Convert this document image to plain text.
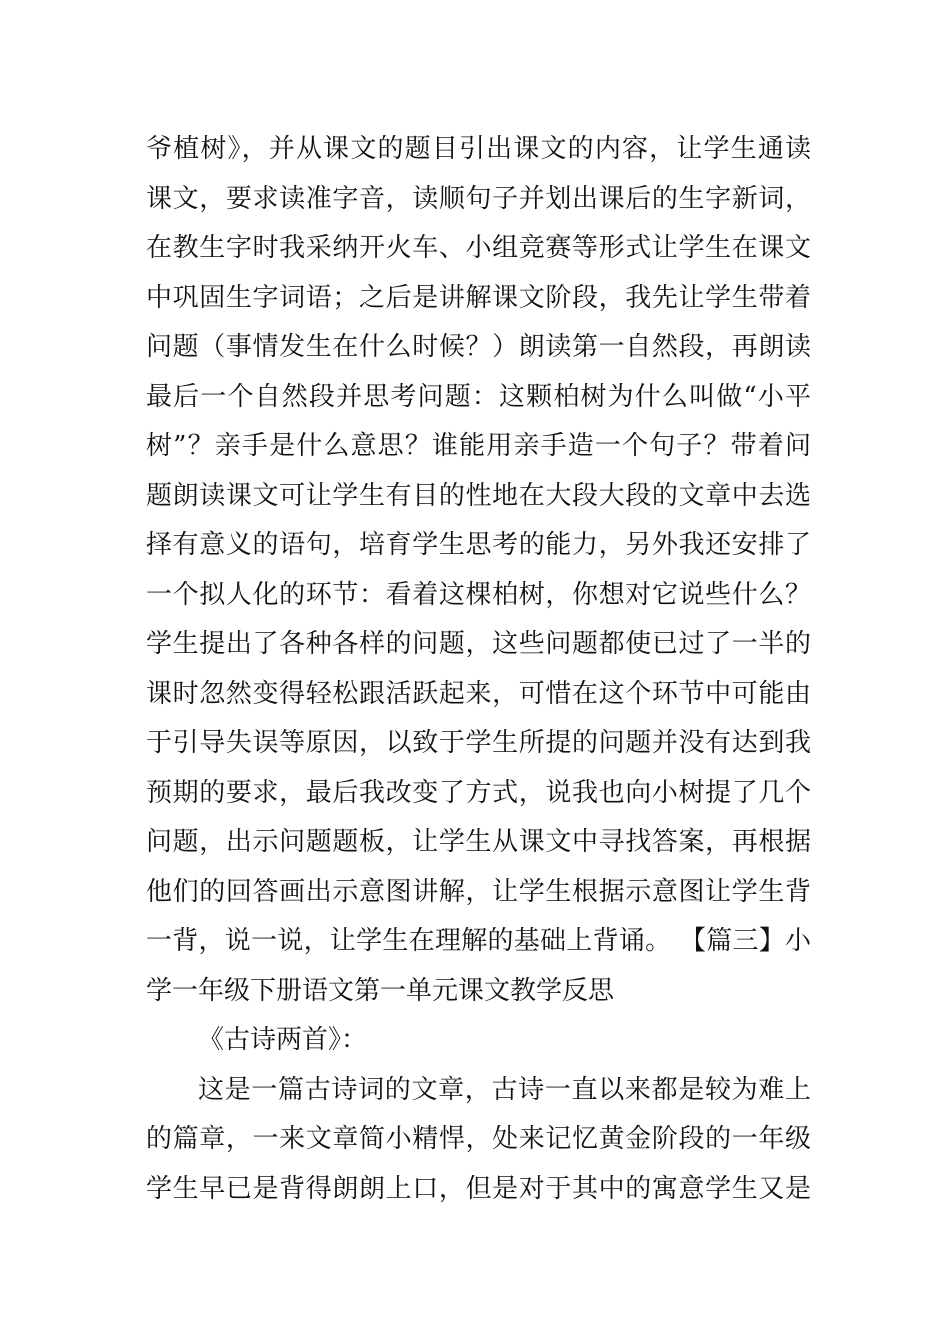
爷植树》，并从课文的题目引出课文的内容，让学生通读
课文，要求读准字音，读顺句子并划出课后的生字新词，
在教生字时我采纳开火车、小组竞赛等形式让学生在课文
中巩固生字词语；之后是讲解课文阶段，我先让学生带着
问题（事情发生在什么时候？）朗读第一自然段，再朗读
最后一个自然段并思考问题：这颗柏树为什么叫做“小平
树”？亲手是什么意思？谁能用亲手造一个句子？带着问
题朗读课文可让学生有目的性地在大段大段的文章中去选
择有意义的语句，培育学生思考的能力，另外我还安排了
一个拟人化的环节：看着这棵柏树，你想对它说些什么？
学生提出了各种各样的问题，这些问题都使已过了一半的
课时忽然变得轻松跟活跃起来，可惜在这个环节中可能由
于引导失误等原因，以致于学生所提的问题并没有达到我
预期的要求，最后我改变了方式，说我也向小树提了几个
问题，出示问题题板，让学生从课文中寻找答案，再根据
他们的回答画出示意图讲解，让学生根据示意图让学生背
一背，说一说，让学生在理解的基础上背诵。 【篇三】小
学一年级下册语文第一单元课文教学反思
《古诗两首》：
这是一篇古诗词的文章，古诗一直以来都是较为难上
的篇章，一来文章简小精悍，处来记忆黄金阶段的一年级
学生早已是背得朗朗上口，但是对于其中的寓意学生又是
